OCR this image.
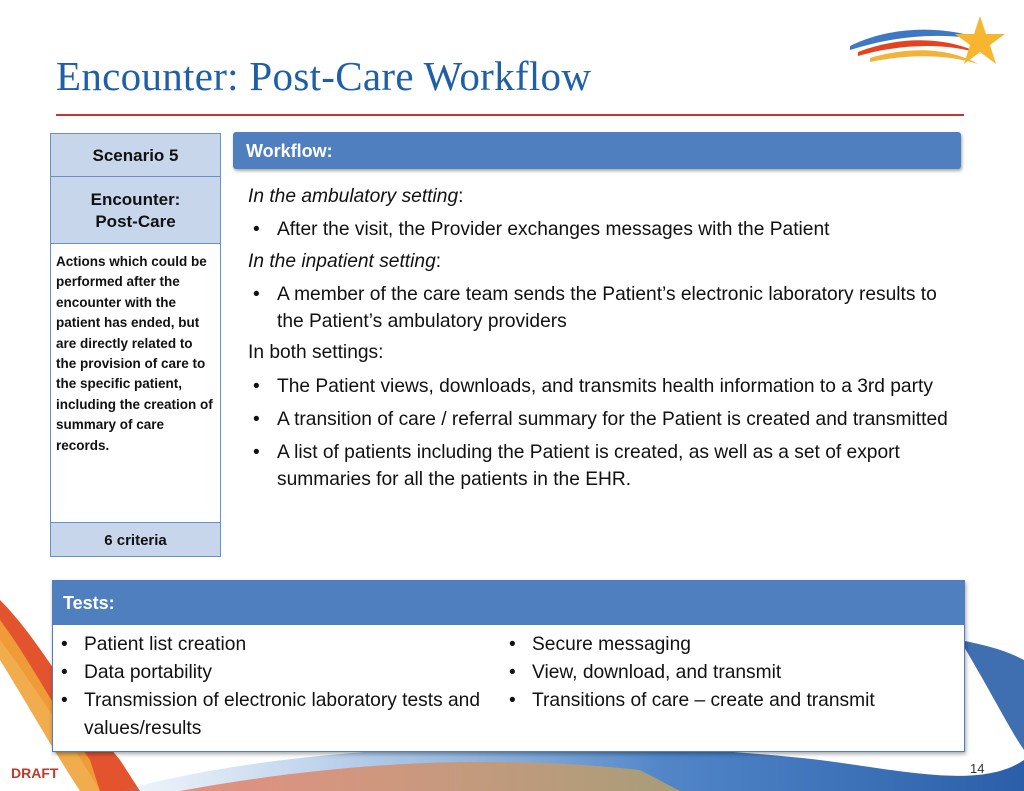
Encounter: Post-Care Workflow
Scenario 5
Encounter:
Post-Care
Actions which could be performed after the encounter with the patient has ended, but are directly related to the provision of care to the specific patient, including the creation of summary of care records.
6 criteria
Workflow:
In the ambulatory setting:
• After the visit, the Provider exchanges messages with the Patient
In the inpatient setting:
• A member of the care team sends the Patient’s electronic laboratory results to the Patient’s ambulatory providers
In both settings:
• The Patient views, downloads, and transmits health information to a 3rd party
• A transition of care / referral summary for the Patient is created and transmitted
• A list of patients including the Patient is created, as well as a set of export summaries for all the patients in the EHR.
Tests:
• Patient list creation
• Data portability
• Transmission of electronic laboratory tests and values/results
• Secure messaging
• View, download, and transmit
• Transitions of care – create and transmit
DRAFT	14
